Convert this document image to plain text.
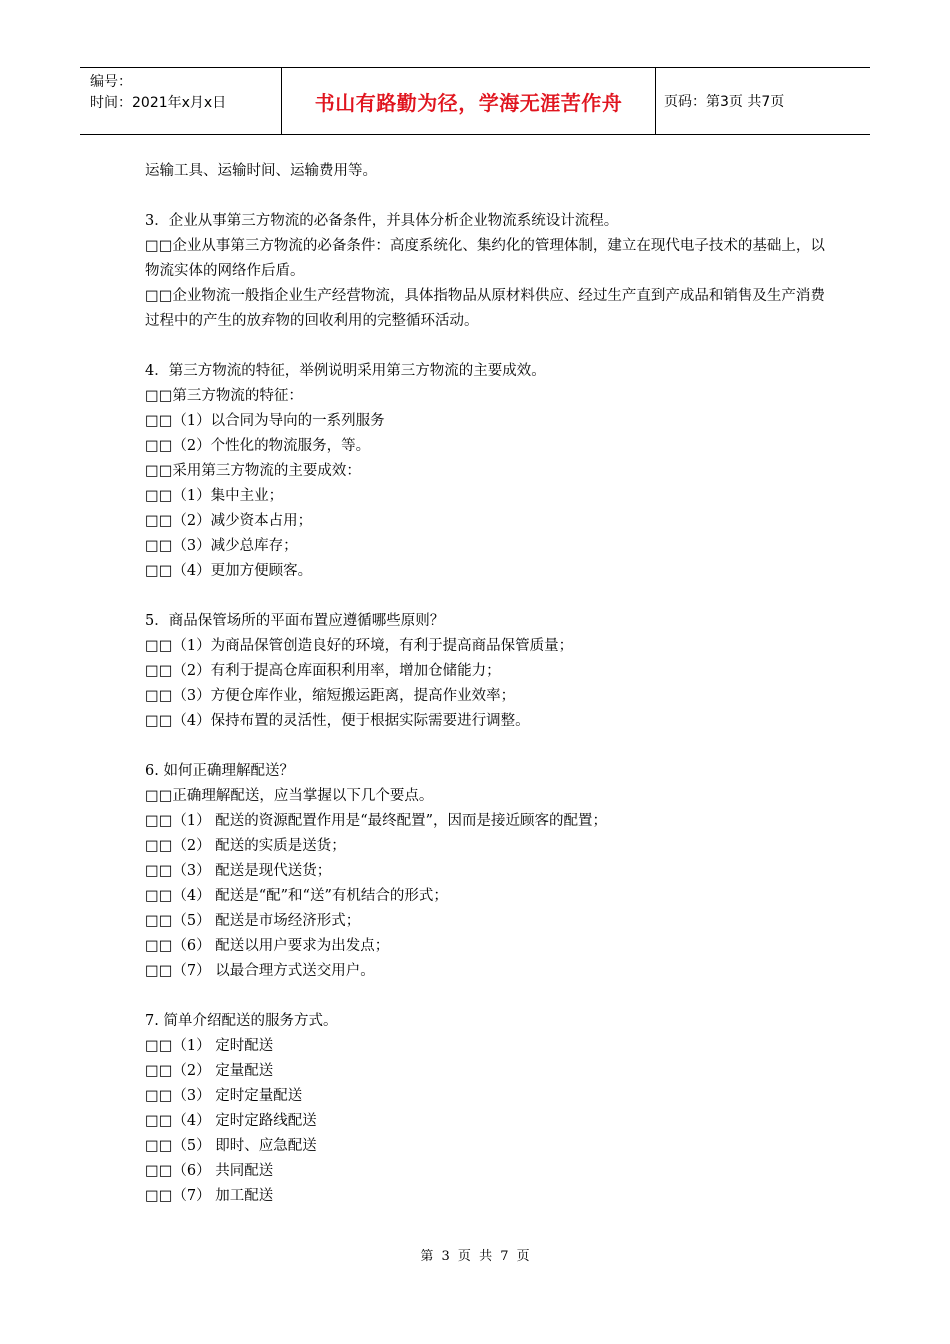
编号：
时间：2021年x月x日	书山有路勤为径，学海无涯苦作舟	页码：第3页 共7页
运输工具、运输时间、运输费用等。
3．企业从事第三方物流的必备条件，并具体分析企业物流系统设计流程。
□□企业从事第三方物流的必备条件：高度系统化、集约化的管理体制，建立在现代电子技术的基础上，以物流实体的网络作后盾。
□□企业物流一般指企业生产经营物流，具体指物品从原材料供应、经过生产直到产成品和销售及生产消费过程中的产生的放弃物的回收利用的完整循环活动。
4．第三方物流的特征，举例说明采用第三方物流的主要成效。
□□第三方物流的特征：
□□（1）以合同为导向的一系列服务
□□（2）个性化的物流服务，等。
□□采用第三方物流的主要成效：
□□（1）集中主业；
□□（2）减少资本占用；
□□（3）减少总库存；
□□（4）更加方便顾客。
5．商品保管场所的平面布置应遵循哪些原则？
□□（1）为商品保管创造良好的环境，有利于提高商品保管质量；
□□（2）有利于提高仓库面积利用率，增加仓储能力；
□□（3）方便仓库作业，缩短搬运距离，提高作业效率；
□□（4）保持布置的灵活性，便于根据实际需要进行调整。
6. 如何正确理解配送？
□□正确理解配送，应当掌握以下几个要点。
□□（1） 配送的资源配置作用是“最终配置”，因而是接近顾客的配置；
□□（2） 配送的实质是送货；
□□（3） 配送是现代送货；
□□（4） 配送是“配”和“送”有机结合的形式；
□□（5） 配送是市场经济形式；
□□（6） 配送以用户要求为出发点；
□□（7） 以最合理方式送交用户。
7. 简单介绍配送的服务方式。
□□（1） 定时配送
□□（2） 定量配送
□□（3） 定时定量配送
□□（4） 定时定路线配送
□□（5） 即时、应急配送
□□（6） 共同配送
□□（7） 加工配送
第 3 页 共 7 页
